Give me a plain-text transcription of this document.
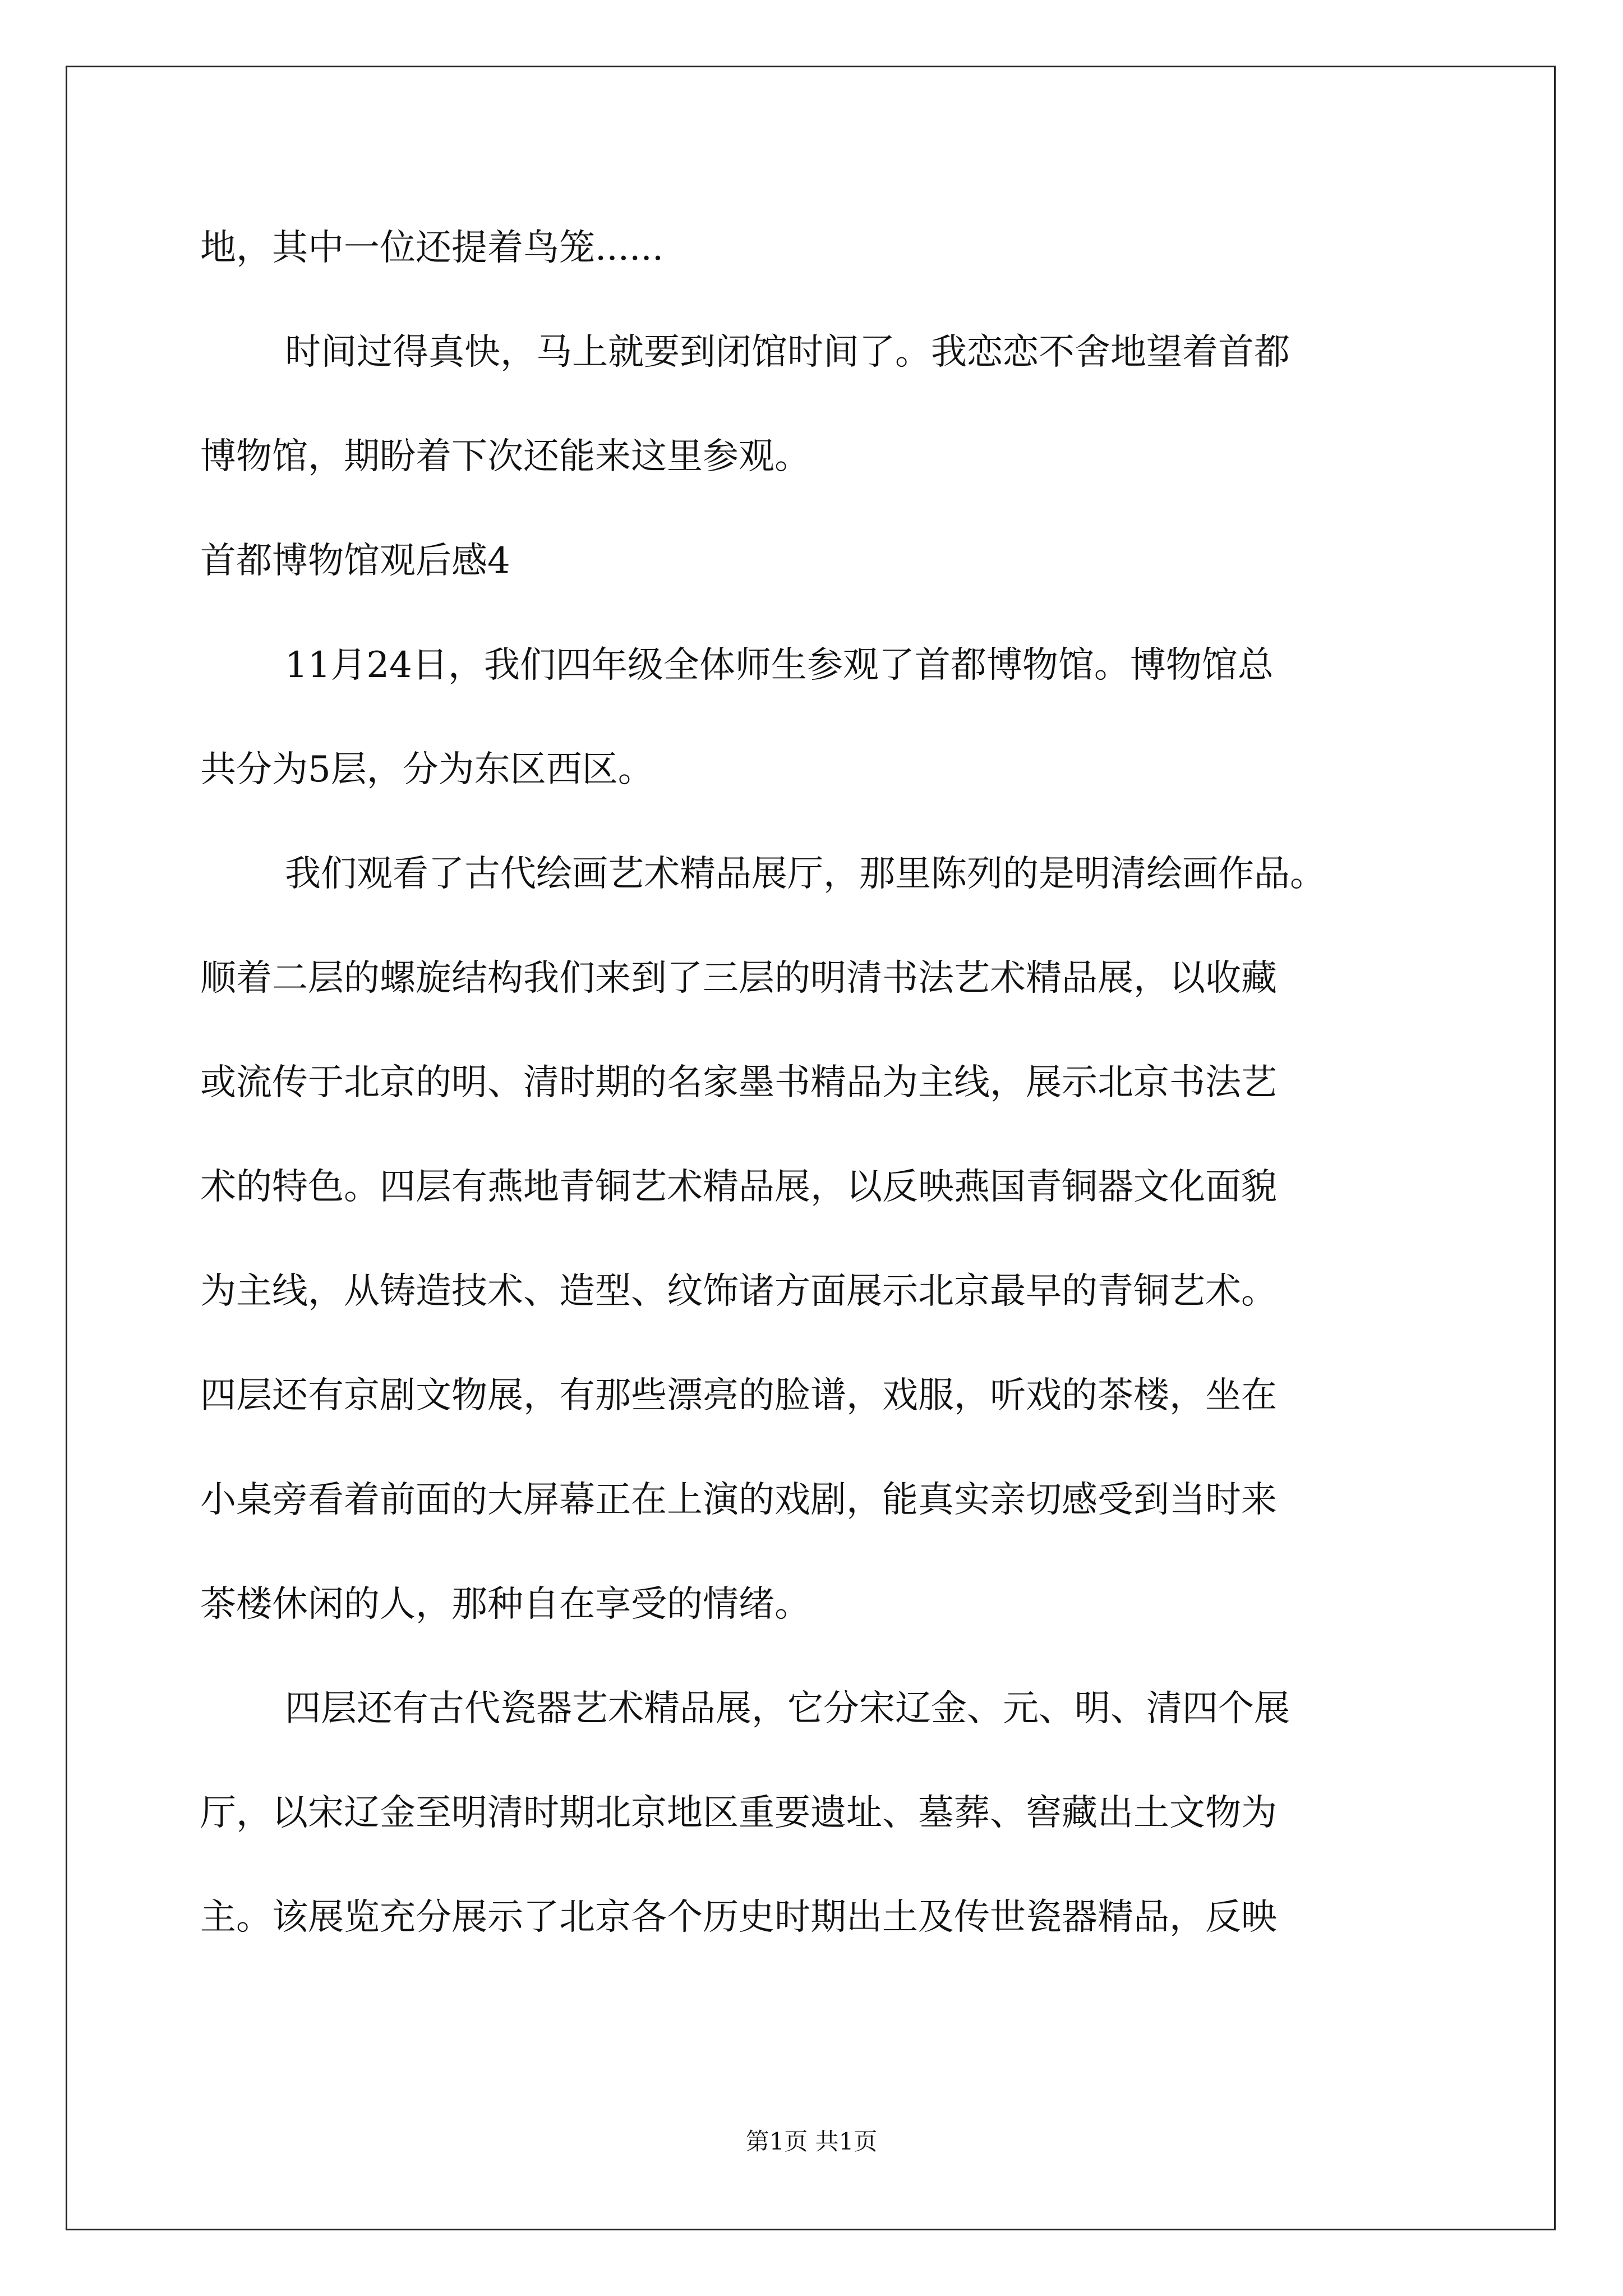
地，其中一位还提着鸟笼......
时间过得真快，马上就要到闭馆时间了。我恋恋不舍地望着首都
博物馆，期盼着下次还能来这里参观。
首都博物馆观后感4
11月24日，我们四年级全体师生参观了首都博物馆。博物馆总
共分为5层，分为东区西区。
我们观看了古代绘画艺术精品展厅，那里陈列的是明清绘画作品。
顺着二层的螺旋结构我们来到了三层的明清书法艺术精品展，以收藏
或流传于北京的明、清时期的名家墨书精品为主线，展示北京书法艺
术的特色。四层有燕地青铜艺术精品展，以反映燕国青铜器文化面貌
为主线，从铸造技术、造型、纹饰诸方面展示北京最早的青铜艺术。
四层还有京剧文物展，有那些漂亮的脸谱，戏服，听戏的茶楼，坐在
小桌旁看着前面的大屏幕正在上演的戏剧，能真实亲切感受到当时来
茶楼休闲的人，那种自在享受的情绪。
四层还有古代瓷器艺术精品展，它分宋辽金、元、明、清四个展
厅，以宋辽金至明清时期北京地区重要遗址、墓葬、窖藏出土文物为
主。该展览充分展示了北京各个历史时期出土及传世瓷器精品，反映
第1页 共1页
